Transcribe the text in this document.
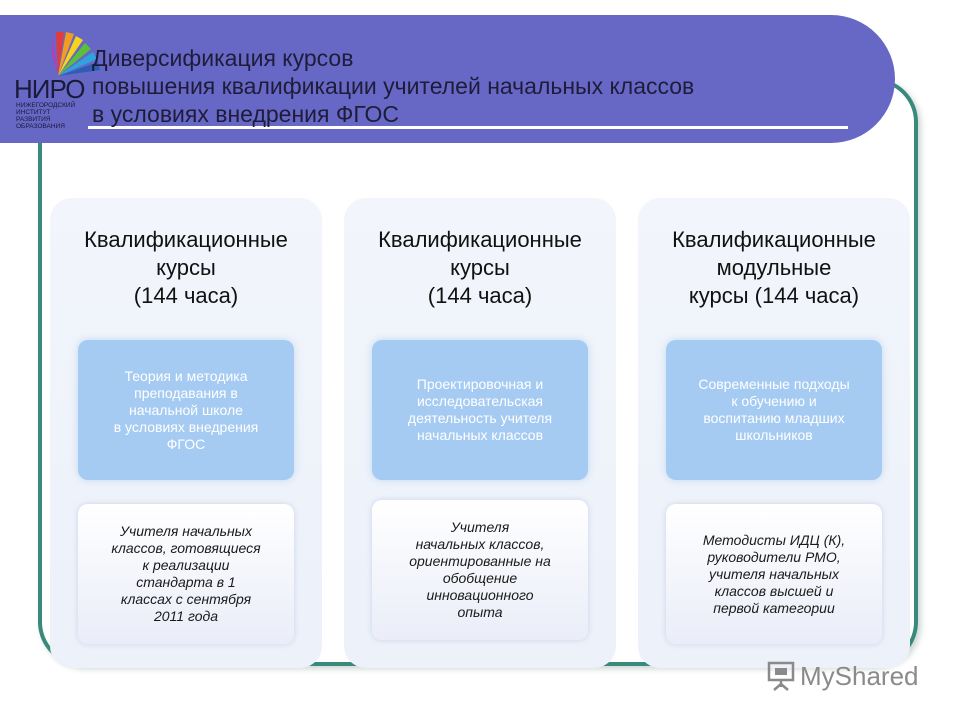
НИРО
НИЖЕГОРОДСКИЙ
ИНСТИТУТ
РАЗВИТИЯ
ОБРАЗОВАНИЯ
Диверсификация курсов
повышения квалификации учителей начальных классов
в условиях внедрения ФГОС
Квалификационные
курсы
(144 часа)
Теория и методика
преподавания в
начальной школе
в условиях внедрения
ФГОС
Учителя начальных
классов, готовящиеся
к реализации
стандарта в 1
классах с сентября
2011 года
Квалификационные
курсы
(144 часа)
Проектировочная и
исследовательская
деятельность учителя
начальных классов
Учителя
начальных классов,
ориентированные на
обобщение
инновационного
опыта
Квалификационные
модульные
курсы (144 часа)
Современные подходы
к обучению и
воспитанию младших
школьников
Методисты ИДЦ (К),
руководители РМО,
учителя начальных
классов высшей и
первой категории
MyShared
